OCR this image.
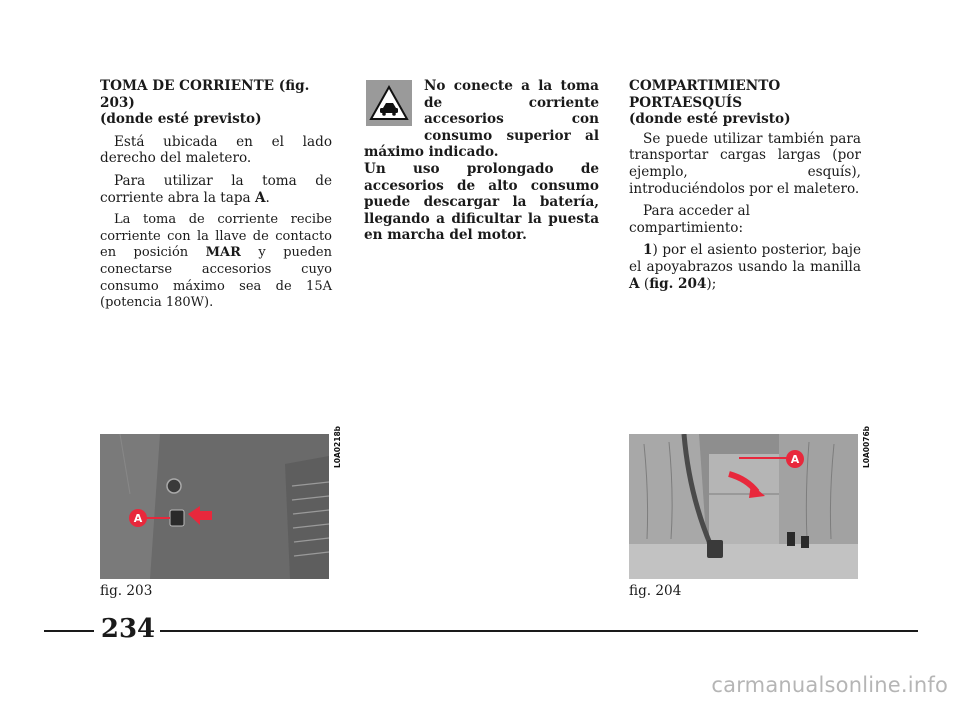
TOMA DE CORRIENTE (fig. 203)
(donde esté previsto)

Está ubicada en el lado derecho del maletero.

Para utilizar la toma de corriente abra la tapa A.

La toma de corriente recibe corriente con la llave de contacto en posición MAR y pueden conectarse accesorios cuyo consumo máximo sea de 15A (potencia 180W).

No conecte a la toma de corriente accesorios con consumo superior al máximo indicado.

Un uso prolongado de accesorios de alto consumo puede descargar la batería, llegando a dificultar la puesta en marcha del motor.

COMPARTIMIENTO
PORTAESQUÍS
(donde esté previsto)

Se puede utilizar también para transportar cargas largas (por ejemplo, esquís), introduciéndolos por el maletero.

Para acceder al compartimiento:

1) por el asiento posterior, baje el apoyabrazos usando la manilla A (fig. 204);

A
L0A0218b
fig. 203
A	L0A0076b
fig. 204
234
carmanualsonline.info
